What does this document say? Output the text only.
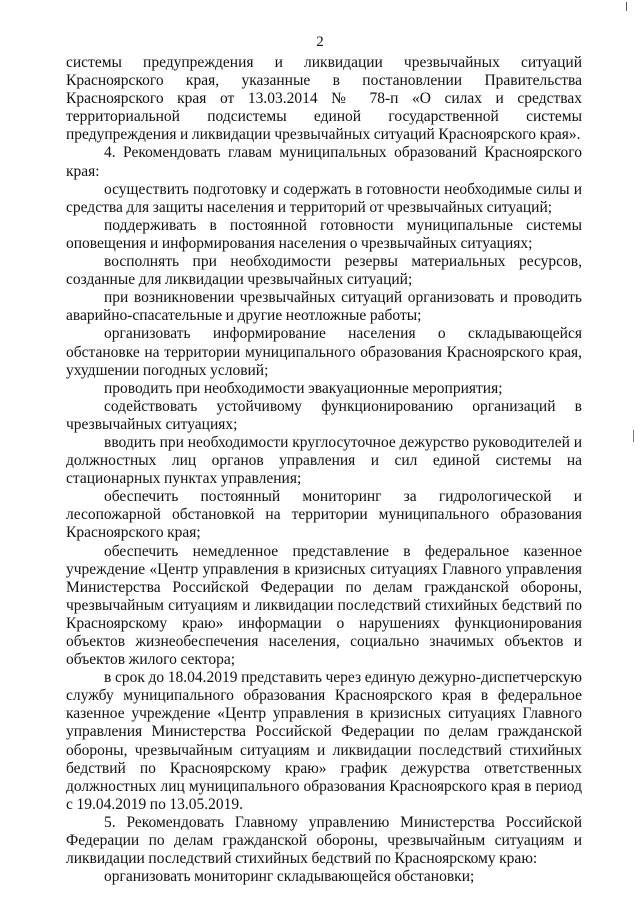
2

системы предупреждения и ликвидации чрезвычайных ситуаций Красноярского края, указанные в постановлении Правительства Красноярского края от 13.03.2014 № 78-п «О силах и средствах территориальной подсистемы единой государственной системы предупреждения и ликвидации чрезвычайных ситуаций Красноярского края».

4. Рекомендовать главам муниципальных образований Красноярского края:

осуществить подготовку и содержать в готовности необходимые силы и средства для защиты населения и территорий от чрезвычайных ситуаций;

поддерживать в постоянной готовности муниципальные системы оповещения и информирования населения о чрезвычайных ситуациях;

восполнять при необходимости резервы материальных ресурсов, созданные для ликвидации чрезвычайных ситуаций;

при возникновении чрезвычайных ситуаций организовать и проводить аварийно-спасательные и другие неотложные работы;

организовать информирование населения о складывающейся обстановке на территории муниципального образования Красноярского края, ухудшении погодных условий;

проводить при необходимости эвакуационные мероприятия;

содействовать устойчивому функционированию организаций в чрезвычайных ситуациях;

вводить при необходимости круглосуточное дежурство руководителей и должностных лиц органов управления и сил единой системы на стационарных пунктах управления;

обеспечить постоянный мониторинг за гидрологической и лесопожарной обстановкой на территории муниципального образования Красноярского края;

обеспечить немедленное представление в федеральное казенное учреждение «Центр управления в кризисных ситуациях Главного управления Министерства Российской Федерации по делам гражданской обороны, чрезвычайным ситуациям и ликвидации последствий стихийных бедствий по Красноярскому краю» информации о нарушениях функционирования объектов жизнеобеспечения населения, социально значимых объектов и объектов жилого сектора;

в срок до 18.04.2019 представить через единую дежурно-диспетчерскую службу муниципального образования Красноярского края в федеральное казенное учреждение «Центр управления в кризисных ситуациях Главного управления Министерства Российской Федерации по делам гражданской обороны, чрезвычайным ситуациям и ликвидации последствий стихийных бедствий по Красноярскому краю» график дежурства ответственных должностных лиц муниципального образования Красноярского края в период с 19.04.2019 по 13.05.2019.

5. Рекомендовать Главному управлению Министерства Российской Федерации по делам гражданской обороны, чрезвычайным ситуациям и ликвидации последствий стихийных бедствий по Красноярскому краю:

организовать мониторинг складывающейся обстановки;
